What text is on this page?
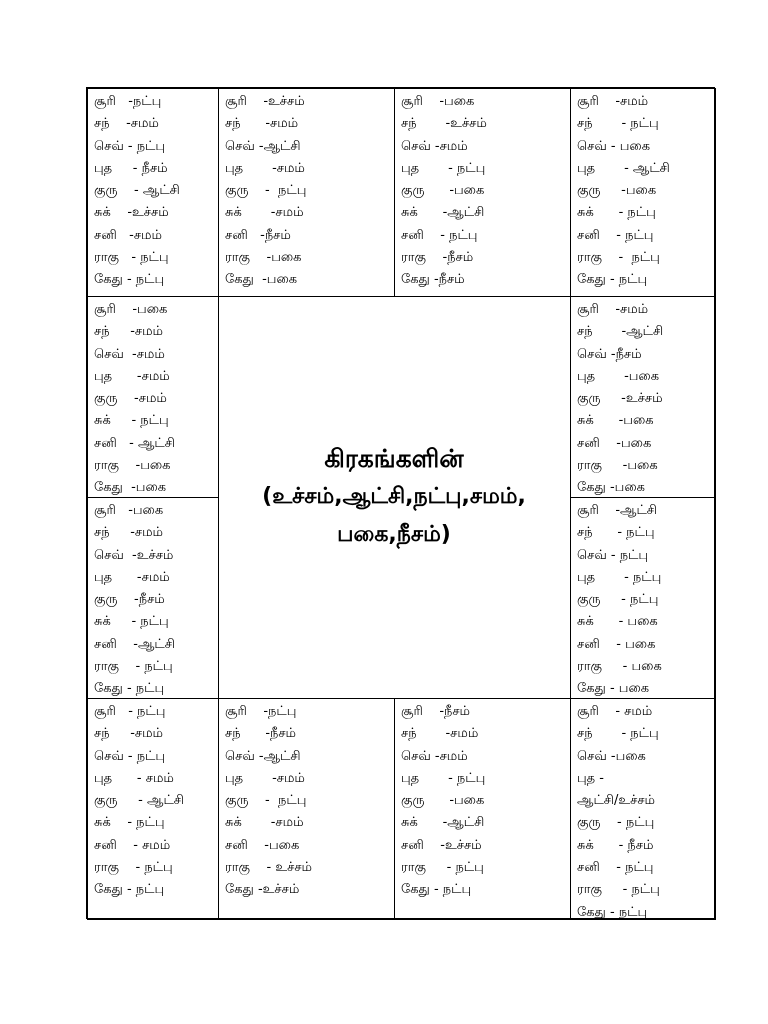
சூரி   -நட்பு
சந்    -சமம்
செவ் - நட்பு
புத     - நீசம்
குரு    - ஆட்சி
சுக்    -உச்சம்
சனி   -சமம்
ராகு   - நட்பு
கேது - நட்பு
சூரி    -உச்சம்
சந்      -சமம்
செவ் -ஆட்சி
புத       -சமம்
குரு    -  நட்பு
சுக்       -சமம்
சனி   -நீசம்
ராகு    -பகை
கேது  -பகை
சூரி    -பகை
சந்       -உச்சம்
செவ் -சமம்
புத       - நட்பு
குரு      -பகை
சுக்      -ஆட்சி
சனி    - நட்பு
ராகு    -நீசம்
கேது -நீசம்
சூரி    -சமம்
சந்       - நட்பு
செவ் - பகை
புத       - ஆட்சி
குரு     -பகை
சுக்      - நட்பு
சனி    - நட்பு
ராகு    -  நட்பு
கேது - நட்பு
சூரி    -பகை
சந்     -சமம்
செவ்  -சமம்
புத      -சமம்
குரு    -சமம்
சுக்     - நட்பு
சனி   - ஆட்சி
ராகு    -பகை
கேது  -பகை
சூரி   -பகை
சந்     -சமம்
செவ்  -உச்சம்
புத      -சமம்
குரு    -நீசம்
சுக்     - நட்பு
சனி    -ஆட்சி
ராகு    - நட்பு
கேது - நட்பு
சூரி    -சமம்
சந்       -ஆட்சி
செவ் -நீசம்
புத       -பகை
குரு     -உச்சம்
சுக்      -பகை
சனி    -பகை
ராகு     -பகை
கேது -பகை
சூரி    -ஆட்சி
சந்      - நட்பு
செவ் - நட்பு
புத       - நட்பு
குரு     - நட்பு
சுக்      - பகை
சனி    - பகை
ராகு     - பகை
கேது - பகை
சூரி   - நட்பு
சந்     -சமம்
செவ் - நட்பு
புத      - சமம்
குரு     - ஆட்சி
சுக்    - நட்பு
சனி    - சமம்
ராகு    - நட்பு
கேது - நட்பு
சூரி    -நட்பு
சந்      -நீசம்
செவ் -ஆட்சி
புத       -சமம்
குரு    -  நட்பு
சுக்       -சமம்
சனி    -பகை
ராகு    - உச்சம்
கேது -உச்சம்
சூரி    -நீசம்
சந்       -சமம்
செவ் -சமம்
புத       - நட்பு
குரு      -பகை
சுக்      -ஆட்சி
சனி    -உச்சம்
ராகு     - நட்பு
கேது - நட்பு
சூரி    - சமம்
சந்       - நட்பு
செவ் -பகை
புத -
ஆட்சி/உச்சம்
குரு    - நட்பு
சுக்      - நீசம்
சனி    - நட்பு
ராகு     - நட்பு
கேது - நட்பு
கிரகங்களின்
(உச்சம்,ஆட்சி,நட்பு,சமம்,
பகை,நீசம்)
